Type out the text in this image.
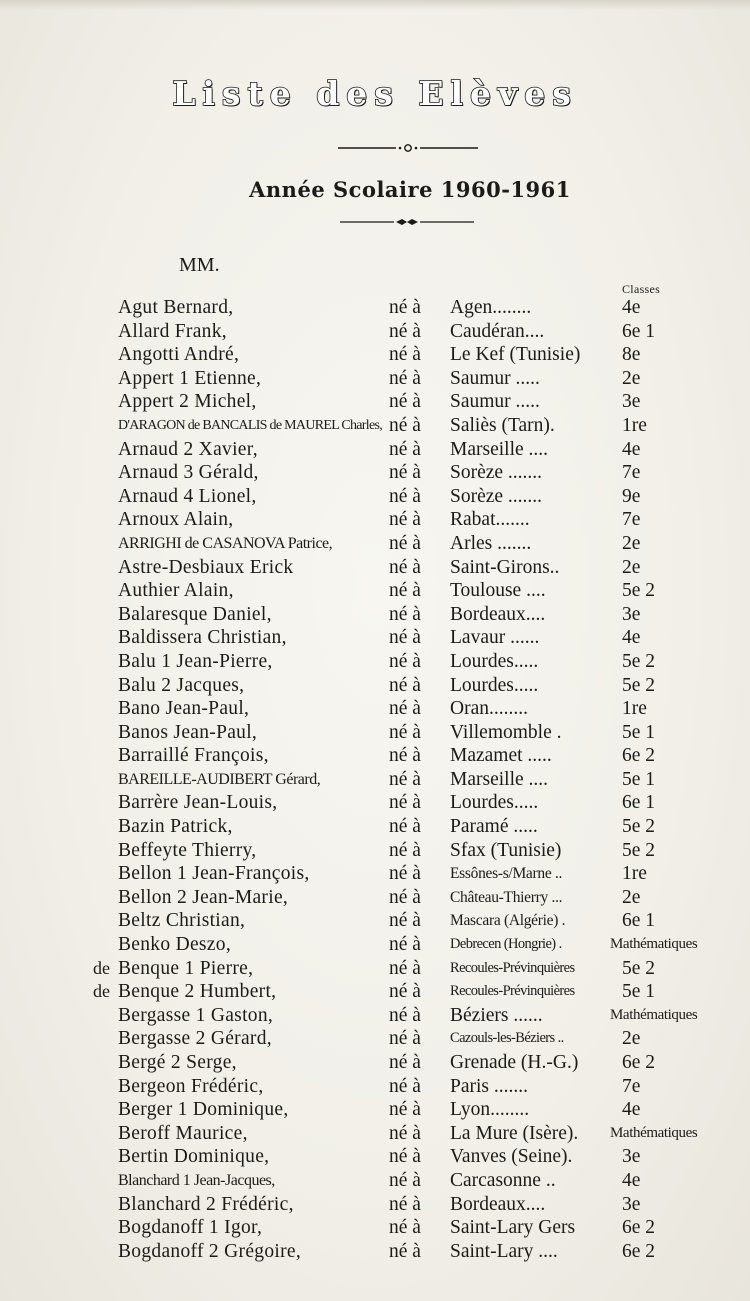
Liste des Elèves
Année Scolaire 1960-1961
MM.
Classes
Agut Bernard,	né à Agen........	4e
Allard Frank,	né à Caudéran....	6e 1
Angotti André,	né à Le Kef (Tunisie) 8e
Appert 1 Etienne,	né à Saumur .....	2e
Appert 2 Michel,	né à Saumur .....	3e
D'ARAGON de BANCALIS de MAUREL Charles, né à Saliès (Tarn).	1re
Arnaud 2 Xavier,	né à Marseille ....	4e
Arnaud 3 Gérald,	né à Sorèze .......	7e
Arnaud 4 Lionel,	né à Sorèze .......	9e
Arnoux Alain,	né à Rabat.......	7e
ARRIGHI de CASANOVA Patrice,	né à Arles .......	2e
Astre-Desbiaux Erick	né à Saint-Girons..	2e
Authier Alain,	né à Toulouse ....	5e 2
Balaresque Daniel,	né à Bordeaux....	3e
Baldissera Christian,	né à Lavaur ......	4e
Balu 1 Jean-Pierre,	né à Lourdes.....	5e 2
Balu 2 Jacques,	né à Lourdes.....	5e 2
Bano Jean-Paul,	né à Oran........	1re
Banos Jean-Paul,	né à Villemomble .	5e 1
Barraillé François,	né à Mazamet .....	6e 2
BAREILLE-AUDIBERT Gérard,	né à Marseille ....	5e 1
Barrère Jean-Louis,	né à Lourdes.....	6e 1
Bazin Patrick,	né à Paramé .....	5e 2
Beffeyte Thierry,	né à Sfax (Tunisie)	5e 2
Bellon 1 Jean-François,	né à Essônes-s/Marne ..	1re
Bellon 2 Jean-Marie,	né à Château-Thierry ...	2e
Beltz Christian,	né à Mascara (Algérie) .	6e 1
Benko Deszo,	né à Debrecen (Hongrie) .	Mathématiques
de Benque 1 Pierre,	né à Recoules-Prévinquières 5e 2
de Benque 2 Humbert,	né à Recoules-Prévinquières 5e 1
Bergasse 1 Gaston,	né à Béziers ......	Mathématiques
Bergasse 2 Gérard,	né à Cazouls-les-Béziers ..	2e
Bergé 2 Serge,	né à Grenade (H.-G.) 6e 2
Bergeon Frédéric,	né à Paris .......	7e
Berger 1 Dominique,	né à Lyon........	4e
Beroff Maurice,	né à La Mure (Isère). Mathématiques
Bertin Dominique,	né à Vanves (Seine).	3e
Blanchard 1 Jean-Jacques,	né à Carcasonne ..	4e
Blanchard 2 Frédéric,	né à Bordeaux....	3e
Bogdanoff 1 Igor,	né à Saint-Lary Gers 6e 2
Bogdanoff 2 Grégoire,	né à Saint-Lary ....	6e 2
